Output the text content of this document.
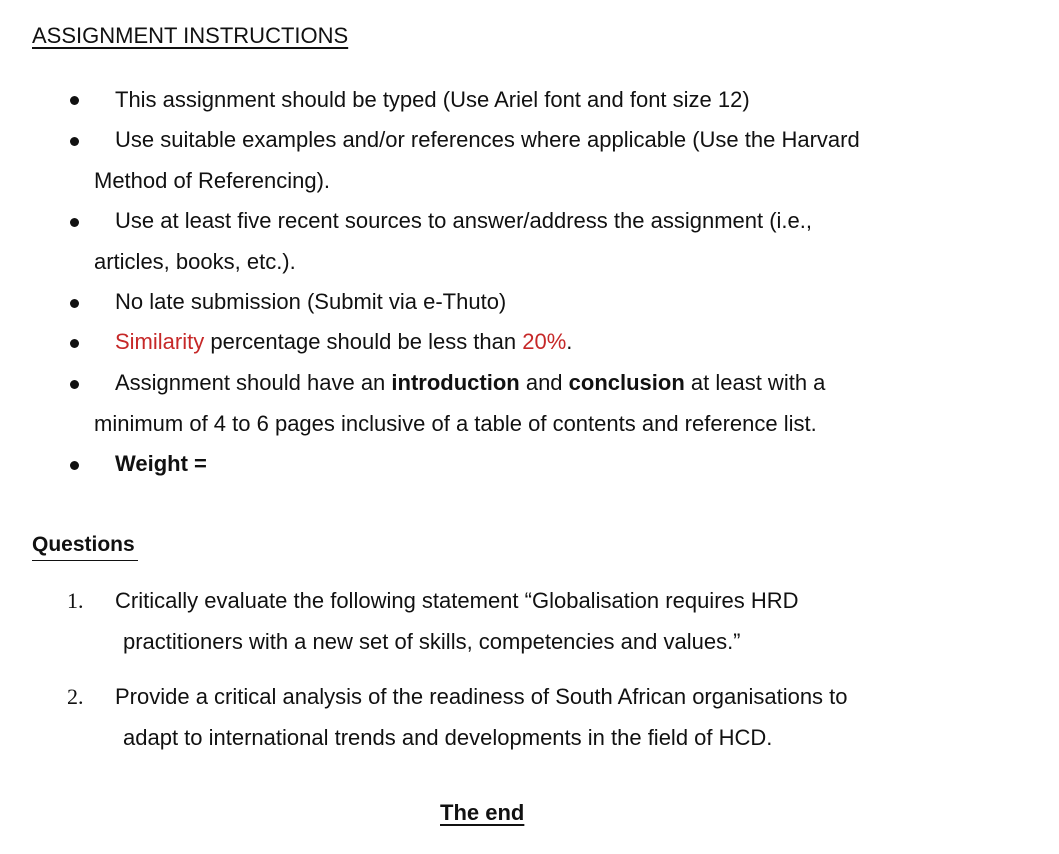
ASSIGNMENT INSTRUCTIONS
This assignment should be typed (Use Ariel font and font size 12)
Use suitable examples and/or references where applicable (Use the Harvard
Method of Referencing).
Use at least five recent sources to answer/address the assignment (i.e.,
articles, books, etc.).
No late submission (Submit via e-Thuto)
Similarity percentage should be less than 20%.
Assignment should have an introduction and conclusion at least with a
minimum of 4 to 6 pages inclusive of a table of contents and reference list.
Weight =
Questions
1. Critically evaluate the following statement “Globalisation requires HRD
practitioners with a new set of skills, competencies and values.”
2. Provide a critical analysis of the readiness of South African organisations to
adapt to international trends and developments in the field of HCD.
The end
